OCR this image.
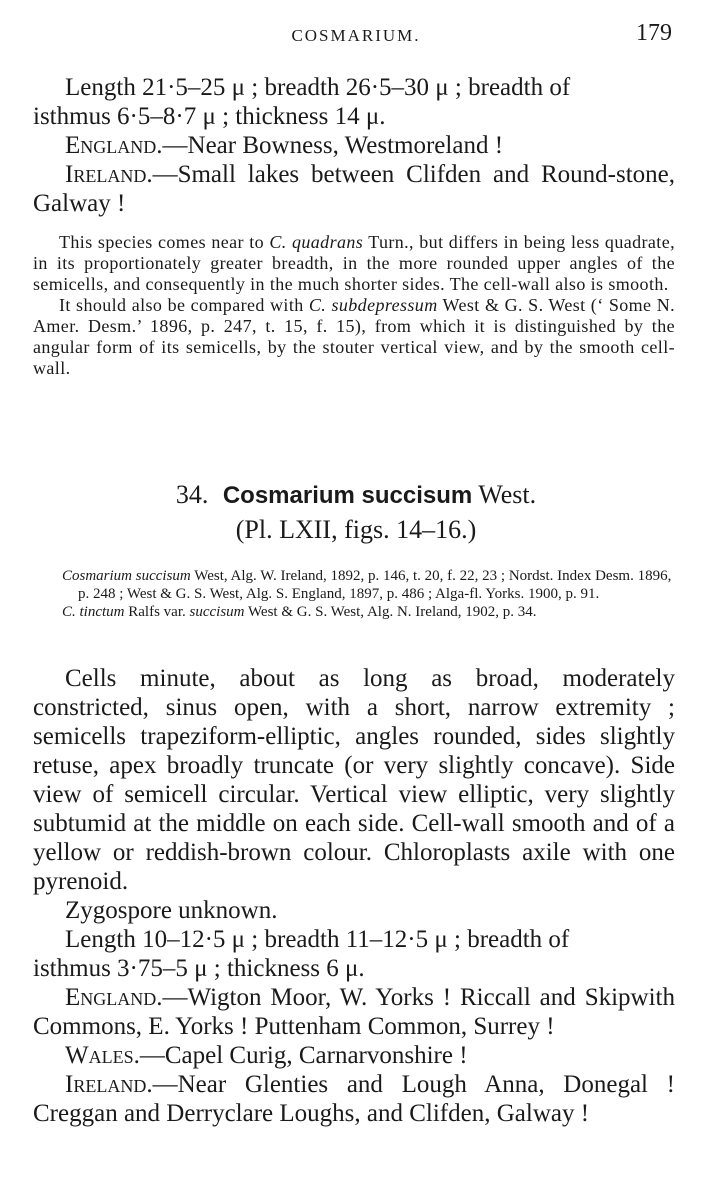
COSMARIUM.	179

Length 21·5–25 μ ; breadth 26·5–30 μ ; breadth of

isthmus 6·5–8·7 μ ; thickness 14 μ.

England.—Near Bowness, Westmoreland !

Ireland.—Small lakes between Clifden and Round-stone, Galway !

This species comes near to C. quadrans Turn., but differs in being less quadrate, in its proportionately greater breadth, in the more rounded upper angles of the semicells, and consequently in the much shorter sides. The cell-wall also is smooth.

It should also be compared with C. subdepressum West & G. S. West (‘ Some N. Amer. Desm.’ 1896, p. 247, t. 15, f. 15), from which it is distinguished by the angular form of its semicells, by the stouter vertical view, and by the smooth cell-wall.

34. Cosmarium succisum West.
(Pl. LXII, figs. 14–16.)

Cosmarium succisum West, Alg. W. Ireland, 1892, p. 146, t. 20, f. 22, 23 ; Nordst. Index Desm. 1896, p. 248 ; West & G. S. West, Alg. S. England, 1897, p. 486 ; Alga-fl. Yorks. 1900, p. 91.

C. tinctum Ralfs var. succisum West & G. S. West, Alg. N. Ireland, 1902, p. 34.

Cells minute, about as long as broad, moderately constricted, sinus open, with a short, narrow extremity ; semicells trapeziform-elliptic, angles rounded, sides slightly retuse, apex broadly truncate (or very slightly concave). Side view of semicell circular. Vertical view elliptic, very slightly subtumid at the middle on each side. Cell-wall smooth and of a yellow or reddish-brown colour. Chloroplasts axile with one pyrenoid.

Zygospore unknown.

Length 10–12·5 μ ; breadth 11–12·5 μ ; breadth of

isthmus 3·75–5 μ ; thickness 6 μ.

England.—Wigton Moor, W. Yorks ! Riccall and Skipwith Commons, E. Yorks ! Puttenham Common, Surrey !

Wales.—Capel Curig, Carnarvonshire !

Ireland.—Near Glenties and Lough Anna, Donegal ! Creggan and Derryclare Loughs, and Clifden, Galway !
